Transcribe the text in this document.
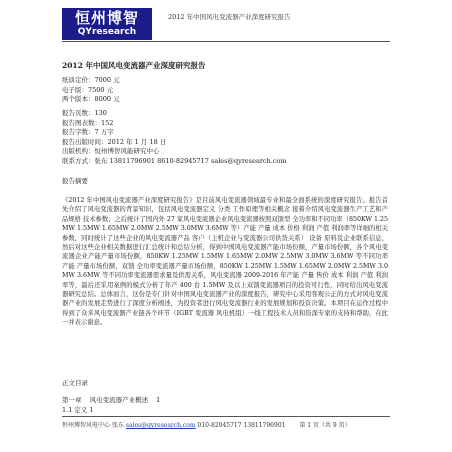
恒州博智
QYresearch
2012 年中国风电变流器产业深度研究报告
2012 年中国风电变流器产业深度研究报告
纸质定价：7000 元
电子版：7500 元
两个版本：8000 元
报告页数：130
报告图表数：152
报告字数：7 万字
报告出版时间：2012 年 1 月 18 日
出版机构：恒州博智风能研究中心
联系方式：张东 13811796901 8610-82945717 sales@qyresearch.com
报告摘要
《2012 年中国风电变流器产业深度研究报告》是目前风电变流器领域最专业和最全面系统的深度研究报告。报告首先介绍了风电变流器的背景知识，包括风电变流器定义 分类 工作原理等相关概念 接着介绍风电变流器生产工艺和产品规格 技术参数；之后统计了国内外 27 家风电变流器企业风电变流器按照双馈型 全功率和不同功率（850KW 1.25MW 1.5MW 1.65MW 2.0MW 2.5MW 3.0MW 3.6MW 等）产能 产量 成本 价格 利润 产值 利润率等详细的相关参数，同时统计了这些企业的风电变流器产品 客户（主机企业与变流器公司供货关系） 设备 原料及企业联系信息，然后对这些企业相关数据进行汇总统计和总结分析，得到中国风电变流器产能市场份额，产量市场份额，各个风电变流器企业产能产量市场份额，850KW 1.25MW 1.5MW 1.65MW 2.0MW 2.5MW 3.0MW 3.6MW 等不同功率产能 产量市场份额，双馈 全功率变流器产量市场份额，850KW 1.25MW 1.5MW 1.65MW 2.0MW 2.5MW 3.0MW 3.6MW 等不同功率变流器需求量及供需关系，风电变流器 2009-2016 年产能 产量 售价 成本 利润 产值 利润率等，最后还采用案例的模式分析了年产 400 台 1.5MW 及以上双馈变流器项目的投资可行性，同时给出风电变流器研究总结。总体而言，这份是专门针对中国风电变流器产业的深度报告，研究中心采用客观公正的方式对风电变流器产业的发展走势进行了深度分析阐述，为投资者进行风电变流器行业的发展规划和投资决策。本项目在运作过程中得到了众多风电变流器产业链各个环节（IGBT 变流器 风电机组）一线工程技术人员和资深专家的支持和帮助，在此一并表示谢意。
正文目录
第一章 风电变流器产业概述 1
1.1 定义 1
恒州博智风电中心 张东 sales@qyresearch.com 010-82945717 13811796901 第 1 页（共 9 页）
